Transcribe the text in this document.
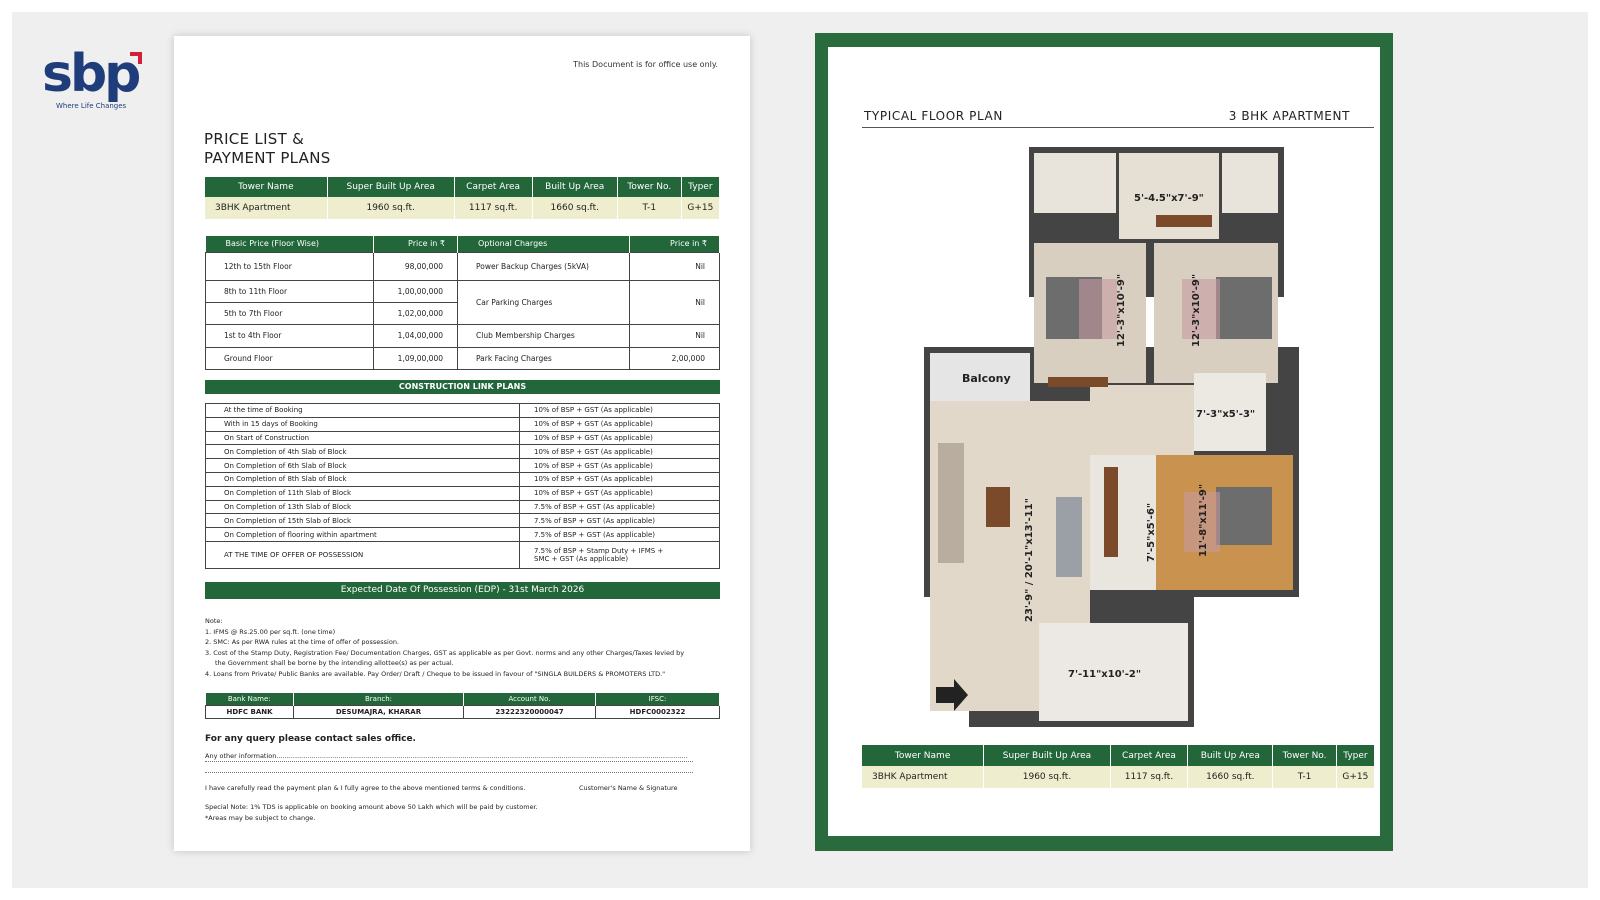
sbp
Where Life Changes
This Document is for office use only.
PRICE LIST &
PAYMENT PLANS
Tower Name	Super Built Up Area	Carpet Area	Built Up Area	Tower No.	Typer
3BHK Apartment	1960 sq.ft.	1117 sq.ft.	1660 sq.ft.	T-1	G+15
Basic Price (Floor Wise)	Price in ₹	Optional Charges	Price in ₹
12th to 15th Floor	98,00,000	Power Backup Charges (5kVA)	Nil
8th to 11th Floor	1,00,00,000	Car Parking Charges	Nil
5th to 7th Floor	1,02,00,000		
1st to 4th Floor	1,04,00,000	Club Membership Charges	Nil
Ground Floor	1,09,00,000	Park Facing Charges	2,00,000
CONSTRUCTION LINK PLANS
At the time of Booking	10% of BSP + GST (As applicable)
With in 15 days of Booking	10% of BSP + GST (As applicable)
On Start of Construction	10% of BSP + GST (As applicable)
On Completion of 4th Slab of Block	10% of BSP + GST (As applicable)
On Completion of 6th Slab of Block	10% of BSP + GST (As applicable)
On Completion of 8th Slab of Block	10% of BSP + GST (As applicable)
On Completion of 11th Slab of Block	10% of BSP + GST (As applicable)
On Completion of 13th Slab of Block	7.5% of BSP + GST (As applicable)
On Completion of 15th Slab of Block	7.5% of BSP + GST (As applicable)
On Completion of flooring within apartment	7.5% of BSP + GST (As applicable)
AT THE TIME OF OFFER OF POSSESSION	7.5% of BSP + Stamp Duty + IFMS +
SMC + GST (As applicable)
Expected Date Of Possession (EDP) - 31st March 2026

Note:

1. IFMS @ Rs.25.00 per sq.ft. (one time)

2. SMC: As per RWA rules at the time of offer of possession.

3. Cost of the Stamp Duty, Registration Fee/ Documentation Charges, GST as applicable as per Govt. norms and any other Charges/Taxes levied by

the Government shall be borne by the intending allottee(s) as per actual.

4. Loans from Private/ Public Banks are available. Pay Order/ Draft / Cheque to be issued in favour of "SINGLA BUILDERS & PROMOTERS LTD."

Bank Name:	Branch:	Account No.	IFSC:
HDFC BANK	DESUMAJRA, KHARAR	23222320000047	HDFC0002322
For any query please contact sales office.
Any other information.......................................................................................................................................................................................................
I have carefully read the payment plan & I fully agree to the above mentioned terms & conditions.	Customer's Name & Signature
Special Note: 1% TDS is applicable on booking amount above 50 Lakh which will be paid by customer.
*Areas may be subject to change.
TYPICAL FLOOR PLAN	3 BHK APARTMENT
5'-4.5"x7'-9"
12'-3"x10'-9"	12'-3"x10'-9"
Balcony
7'-3"x5'-3"
23'-9" / 20'-1"x13'-11"	7'-5"x5'-6"	11'-8"x11'-9"
7'-11"x10'-2"
Tower Name	Super Built Up Area	Carpet Area	Built Up Area	Tower No.	Typer
3BHK Apartment	1960 sq.ft.	1117 sq.ft.	1660 sq.ft.	T-1	G+15
